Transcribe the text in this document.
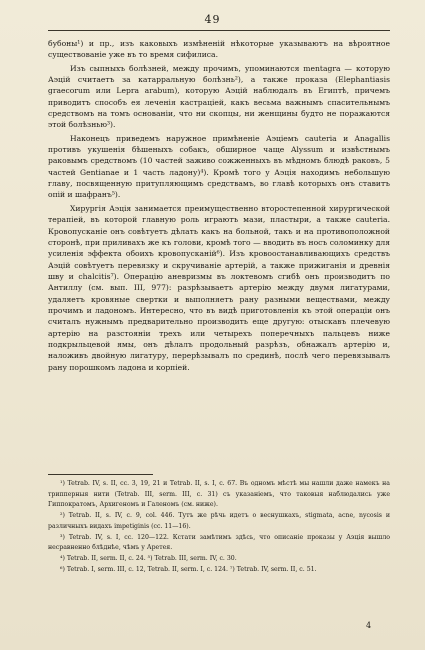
49

бубоны¹) и пр., изъ каковыхъ измѣненій нѣкоторые указываютъ на вѣроятное существованіе уже въ то время сифилиса.

Изъ сыпныхъ болѣзней, между прочимъ, упоминаются mentagra — которую Аэцій считаетъ за катарральную болѣзнь²), а также проказа (Elephantiasis graecorum или Lepra arabum), которую Аэцій наблюдалъ въ Египтѣ, причемъ приводитъ способъ ея леченія кастраціей, какъ весьма важнымъ спасительнымъ средствомъ на томъ основаніи, что ни скопцы, ни женщины будто не поражаются этой болѣзнью³).

Наконецъ приведемъ наружное примѣненіе Аэціемъ cauteria и Anagallis противъ укушенія бѣшеныхъ собакъ, обширное чаще Alyssum и извѣстнымъ раковымъ средствомъ (10 частей заживо сожженныхъ въ мѣдномъ блюдѣ раковъ, 5 частей Gentianae и 1 часть ладону)⁴). Кромѣ того у Аэція находимъ небольшую главу, посвященную притупляющимъ средствамъ, во главѣ которыхъ онъ ставитъ опій и шафранъ⁵).

Хирургія Аэція занимается преимущественно второстепенной хирургической терапіей, въ которой главную роль играютъ мази, пластыри, а также cauteria. Кровопусканіе онъ совѣтуетъ дѣлать какъ на больной, такъ и на противоположной сторонѣ, при приливахъ же къ голови, кромѣ того — вводить въ носъ соломинку для усиленія эффекта обоихъ кровопусканій⁶). Изъ кровоостанавливающихъ средствъ Аэцій совѣтуетъ перевязку и скручиваніе артерій, а также прижиганія и древнія шву и chalcitis⁷). Операцію аневризмы въ локтевомъ сгибѣ онъ производитъ по Антиллу (см. вып. III, 977): разрѣзываетъ артерію между двумя лигатурами, удаляетъ кровяные свертки и выполняетъ рану разными веществами, между прочимъ и ладономъ. Интересно, что въ видѣ приготовленія къ этой операціи онъ считалъ нужнымъ предварительно производить еще другую: отыскавъ плечевую артерію на разстояніи трехъ или четырехъ поперечныхъ пальцевъ ниже подкрыльцевой ямы, онъ дѣлалъ продольный разрѣзъ, обнажалъ артерію и, наложивъ двойную лигатуру, перерѣзывалъ по срединѣ, послѣ чего перевязывалъ рану порошкомъ ладона и корпіей.

¹) Tetrab. IV, s. II, cc. 3, 19, 21 и Tetrab. II, s. I, c. 67. Въ одномъ мѣстѣ мы нашли даже намекъ на трипперныя нити (Tetrab. III, serm. III, c. 31) съ указаніемъ, что таковыя наблюдались уже Гиппократомъ, Архигеномъ и Галеномъ (см. ниже).

²) Tetrab. II, s. IV, c. 9, col. 446. Тутъ же рѣчь идетъ о веснушкахъ, stigmata, acne, nycosis и различныхъ видахъ impetiginis (cc. 11—16).

³) Tetrab. IV, s. I, cc. 120—122. Кстати замѣтимъ здѣсь, что описаніе проказы у Аэція вышло несравненно блѣднѣе, чѣмъ у Аретея.

⁴) Tetrab. II, serm. II, c. 24. ⁵) Tetrab. III, serm. IV, c. 30.

⁶) Tetrab. I, serm. III, c. 12, Tetrab. II, serm. I, c. 124. ⁷) Tetrab. IV, serm. II, c. 51.

4
